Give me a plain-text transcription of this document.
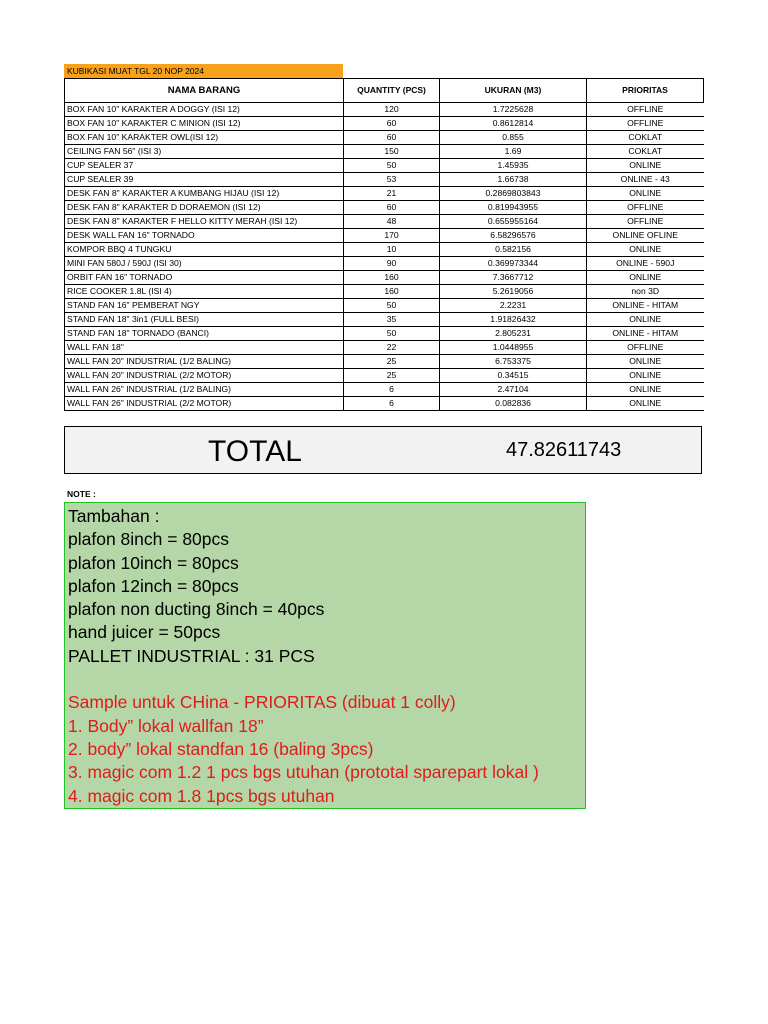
KUBIKASI MUAT TGL 20 NOP 2024
NAMA BARANG	QUANTITY (PCS)	UKURAN (M3)	PRIORITAS
BOX FAN 10" KARAKTER A DOGGY (ISI 12)	120	1.7225628	OFFLINE
BOX FAN 10" KARAKTER C MINION (ISI 12)	60	0.8612814	OFFLINE
BOX FAN 10" KARAKTER OWL(ISI 12)	60	0.855	COKLAT
CEILING FAN 56" (ISI 3)	150	1.69	COKLAT
CUP SEALER 37	50	1.45935	ONLINE
CUP SEALER 39	53	1.66738	ONLINE - 43
DESK FAN 8" KARAKTER A KUMBANG HIJAU (ISI 12)	21	0.2869803843	ONLINE
DESK FAN 8" KARAKTER D DORAEMON (ISI 12)	60	0.819943955	OFFLINE
DESK FAN 8" KARAKTER F HELLO KITTY MERAH (ISI 12)	48	0.655955164	OFFLINE
DESK WALL FAN 16" TORNADO	170	6.58296576	ONLINE OFLINE
KOMPOR BBQ 4 TUNGKU	10	0.582156	ONLINE
MINI FAN 580J / 590J (ISI 30)	90	0.369973344	ONLINE - 590J
ORBIT FAN 16" TORNADO	160	7.3667712	ONLINE
RICE COOKER 1.8L (ISI 4)	160	5.2619056	non 3D
STAND FAN 16" PEMBERAT NGY	50	2.2231	ONLINE - HITAM
STAND FAN 18" 3in1 (FULL BESI)	35	1.91826432	ONLINE
STAND FAN 18" TORNADO (BANCI)	50	2.805231	ONLINE - HITAM
WALL FAN 18"	22	1.0448955	OFFLINE
WALL FAN 20" INDUSTRIAL (1/2 BALING)	25	6.753375	ONLINE
WALL FAN 20" INDUSTRIAL (2/2 MOTOR)	25	0.34515	ONLINE
WALL FAN 26" INDUSTRIAL (1/2 BALING)	6	2.47104	ONLINE
WALL FAN 26" INDUSTRIAL (2/2 MOTOR)	6	0.082836	ONLINE
TOTAL	47.82611743
NOTE :
Tambahan :
plafon 8inch = 80pcs
plafon 10inch = 80pcs
plafon 12inch = 80pcs
plafon non ducting 8inch = 40pcs
hand juicer = 50pcs
PALLET INDUSTRIAL : 31 PCS
Sample untuk CHina - PRIORITAS (dibuat 1 colly)
1. Body” lokal wallfan 18”
2. body” lokal standfan 16 (baling 3pcs)
3. magic com 1.2 1 pcs bgs utuhan (prototal sparepart lokal )
4. magic com 1.8 1pcs bgs utuhan
